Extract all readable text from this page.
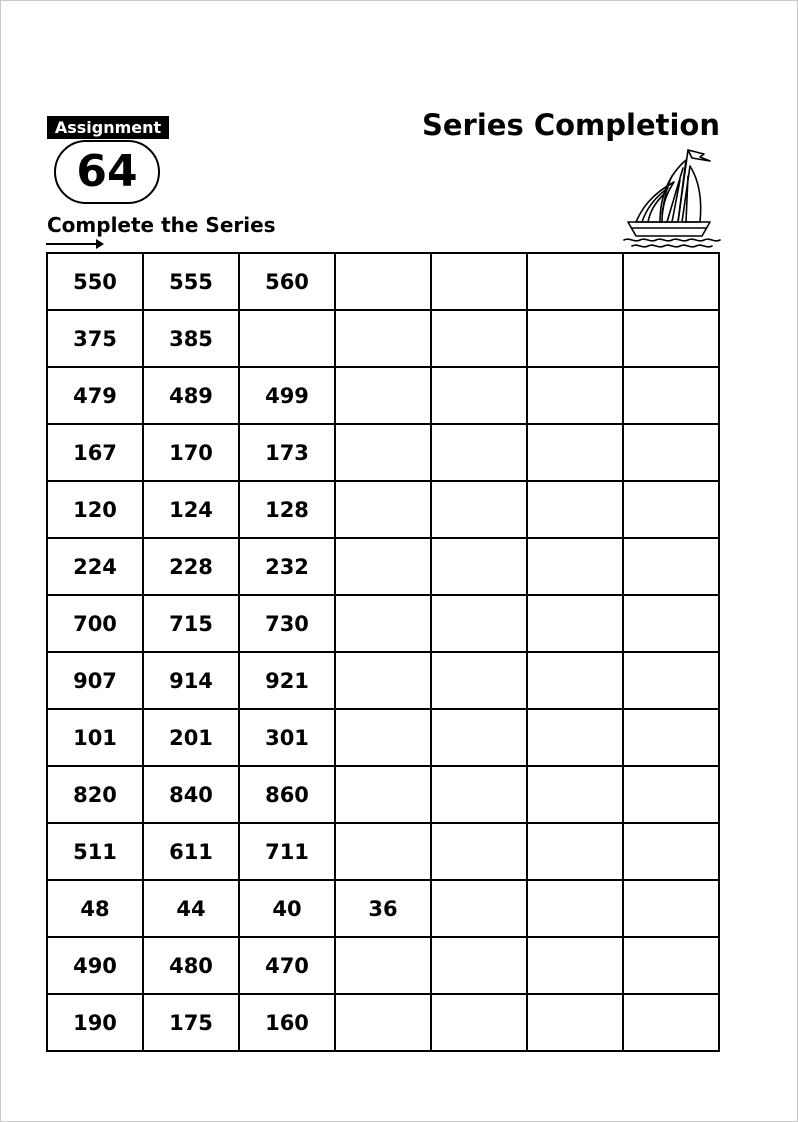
Assignment
64
Series Completion
Complete the Series
550	555	560				
375	385					
479	489	499				
167	170	173				
120	124	128				
224	228	232				
700	715	730				
907	914	921				
101	201	301				
820	840	860				
511	611	711				
48	44	40	36			
490	480	470				
190	175	160				
